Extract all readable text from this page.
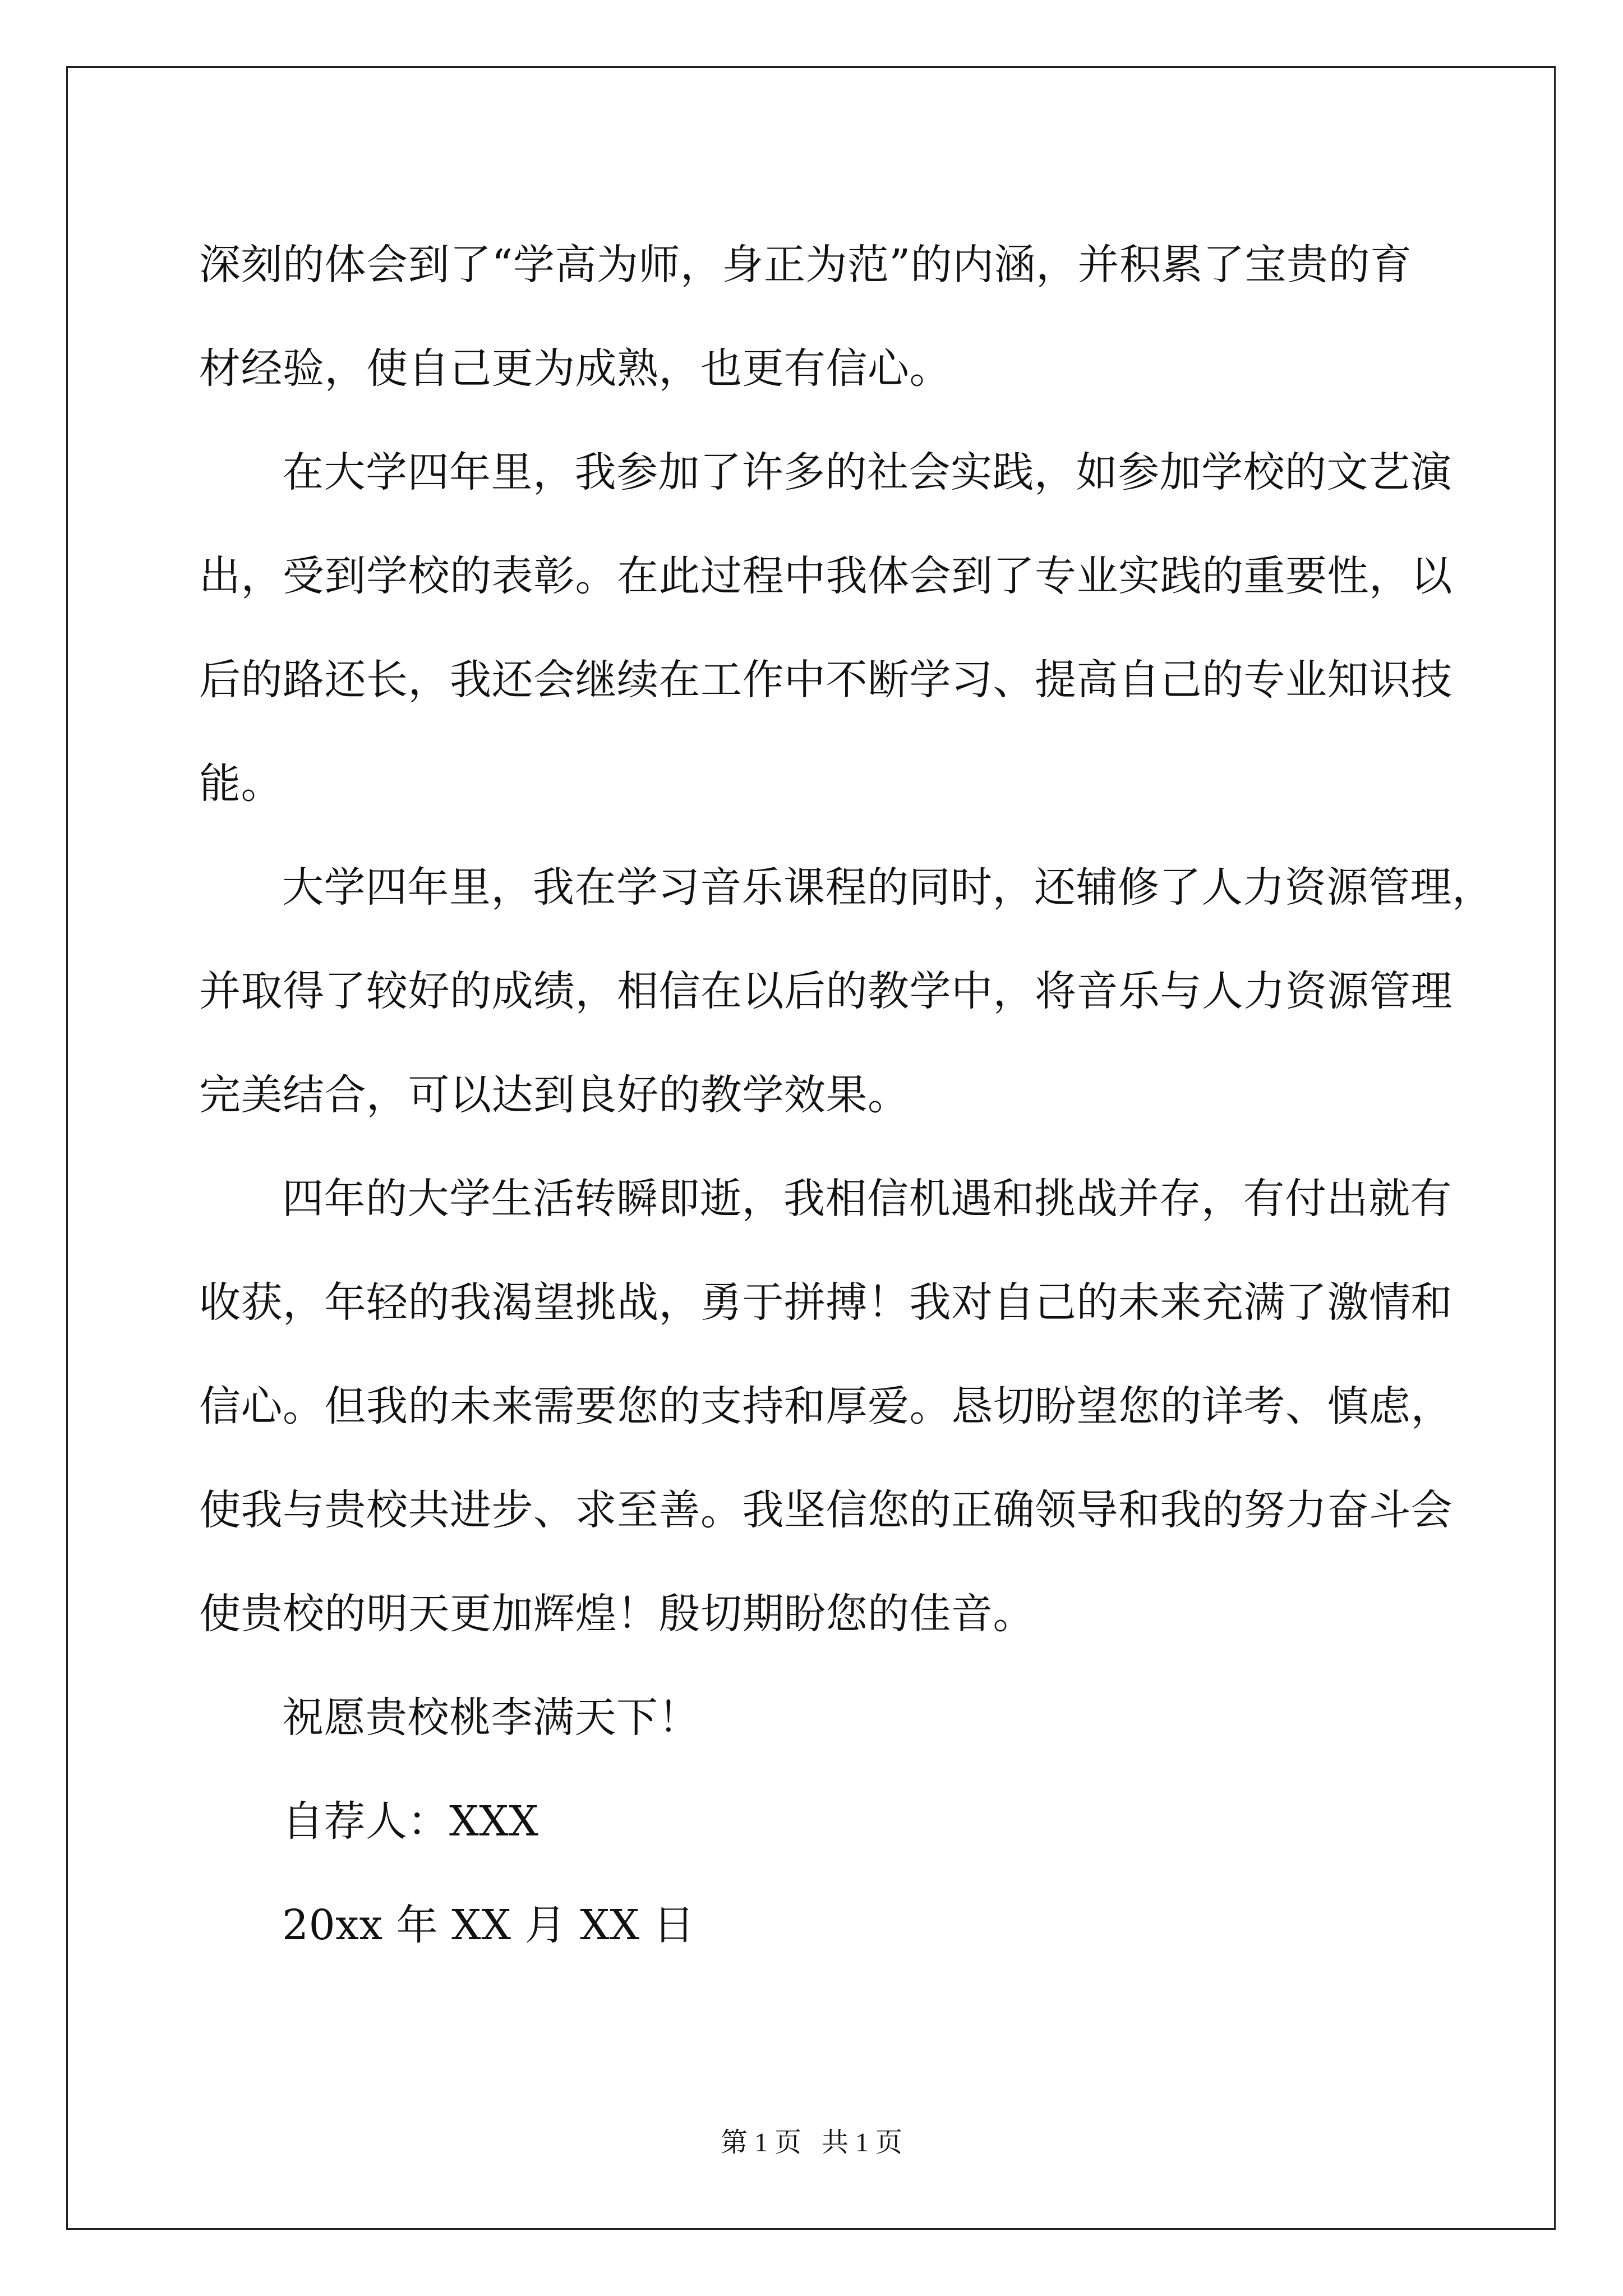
深刻的体会到了“学高为师，身正为范”的内涵，并积累了宝贵的育
材经验，使自己更为成熟，也更有信心。
在大学四年里，我参加了许多的社会实践，如参加学校的文艺演
出，受到学校的表彰。在此过程中我体会到了专业实践的重要性，以
后的路还长，我还会继续在工作中不断学习、提高自己的专业知识技
能。
大学四年里，我在学习音乐课程的同时，还辅修了人力资源管理，
并取得了较好的成绩，相信在以后的教学中，将音乐与人力资源管理
完美结合，可以达到良好的教学效果。
四年的大学生活转瞬即逝，我相信机遇和挑战并存，有付出就有
收获，年轻的我渴望挑战，勇于拼搏！我对自己的未来充满了激情和
信心。但我的未来需要您的支持和厚爱。恳切盼望您的详考、慎虑，
使我与贵校共进步、求至善。我坚信您的正确领导和我的努力奋斗会
使贵校的明天更加辉煌！殷切期盼您的佳音。
祝愿贵校桃李满天下！
自荐人：XXX
20xx 年 XX 月 XX 日
第 1 页   共 1 页
